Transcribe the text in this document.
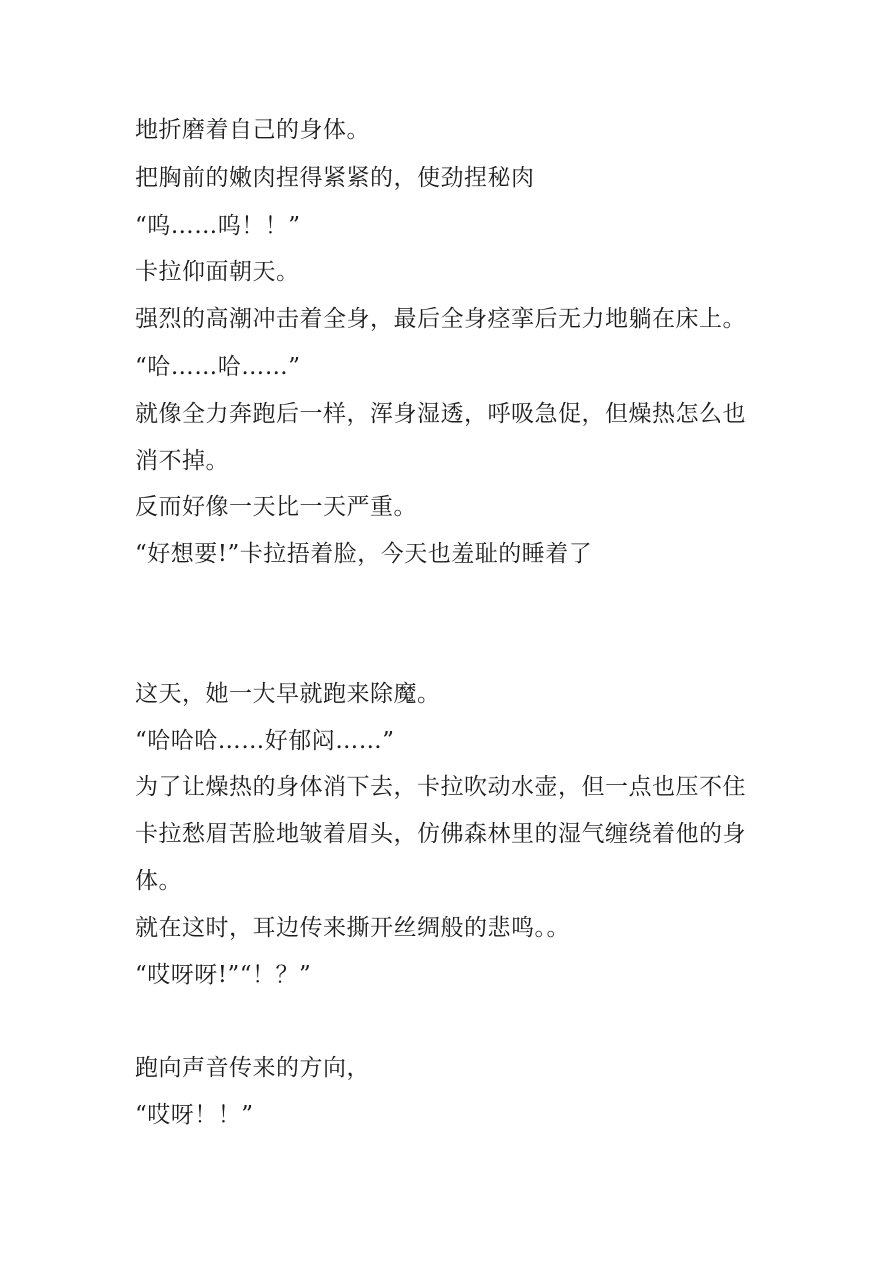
地折磨着自己的身体。

把胸前的嫩肉捏得紧紧的，使劲捏秘肉

“呜……呜！！”

卡拉仰面朝天。

强烈的高潮冲击着全身，最后全身痉挛后无力地躺在床上。

“哈……哈……”

就像全力奔跑后一样，浑身湿透，呼吸急促，但燥热怎么也

消不掉。

反而好像一天比一天严重。

“好想要!”卡拉捂着脸，今天也羞耻的睡着了

这天，她一大早就跑来除魔。

“哈哈哈……好郁闷……”

为了让燥热的身体消下去，卡拉吹动水壶，但一点也压不住

卡拉愁眉苦脸地皱着眉头，仿佛森林里的湿气缠绕着他的身

体。

就在这时，耳边传来撕开丝绸般的悲鸣。。

“哎呀呀!”“！？”

跑向声音传来的方向，

“哎呀！！”
